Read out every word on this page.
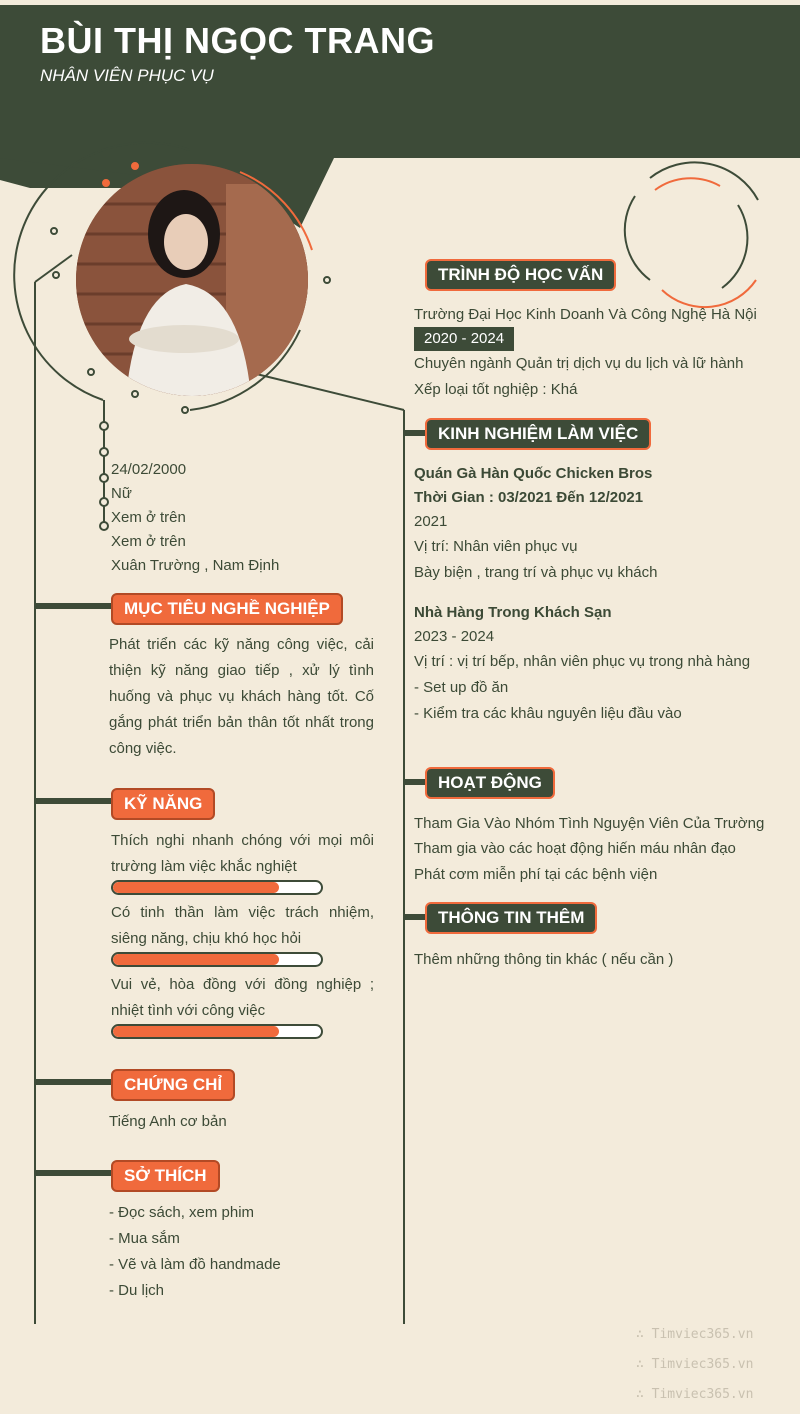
BÙI THỊ NGỌC TRANG
NHÂN VIÊN PHỤC VỤ
24/02/2000
Nữ
Xem ở trên
Xem ở trên
Xuân Trường , Nam Định
MỤC TIÊU NGHỀ NGHIỆP
Phát triển các kỹ năng công việc, cải thiện kỹ năng giao tiếp , xử lý tình huống và phục vụ khách hàng tốt. Cố gắng phát triển bản thân tốt nhất trong công việc.
KỸ NĂNG
Thích nghi nhanh chóng với mọi môi trường làm việc khắc nghiệt
Có tinh thần làm việc trách nhiệm, siêng năng, chịu khó học hỏi
Vui vẻ, hòa đồng với đồng nghiệp ; nhiệt tình với công việc
CHỨNG CHỈ
Tiếng Anh cơ bản
SỞ THÍCH
- Đọc sách, xem phim
- Mua sắm
- Vẽ và làm đồ handmade
- Du lịch
TRÌNH ĐỘ HỌC VẤN
Trường Đại Học Kinh Doanh Và Công Nghệ Hà Nội
2020 - 2024
Chuyên ngành Quản trị dịch vụ du lịch và lữ hành
Xếp loại tốt nghiệp : Khá
KINH NGHIỆM LÀM VIỆC
Quán Gà Hàn Quốc Chicken Bros
Thời Gian : 03/2021 Đến 12/2021
2021
Vị trí: Nhân viên phục vụ
Bày biện , trang trí và phục vụ khách
Nhà Hàng Trong Khách Sạn
2023 - 2024
Vị trí : vị trí bếp, nhân viên phục vụ trong nhà hàng
- Set up đồ ăn
- Kiểm tra các khâu nguyên liệu đầu vào
HOẠT ĐỘNG
Tham Gia Vào Nhóm Tình Nguyện Viên Của Trường
Tham gia vào các hoạt động hiến máu nhân đạo
Phát cơm miễn phí tại các bệnh viện
THÔNG TIN THÊM
Thêm những thông tin khác ( nếu cần )
∴ Timviec365.vn
∴ Timviec365.vn
∴ Timviec365.vn
